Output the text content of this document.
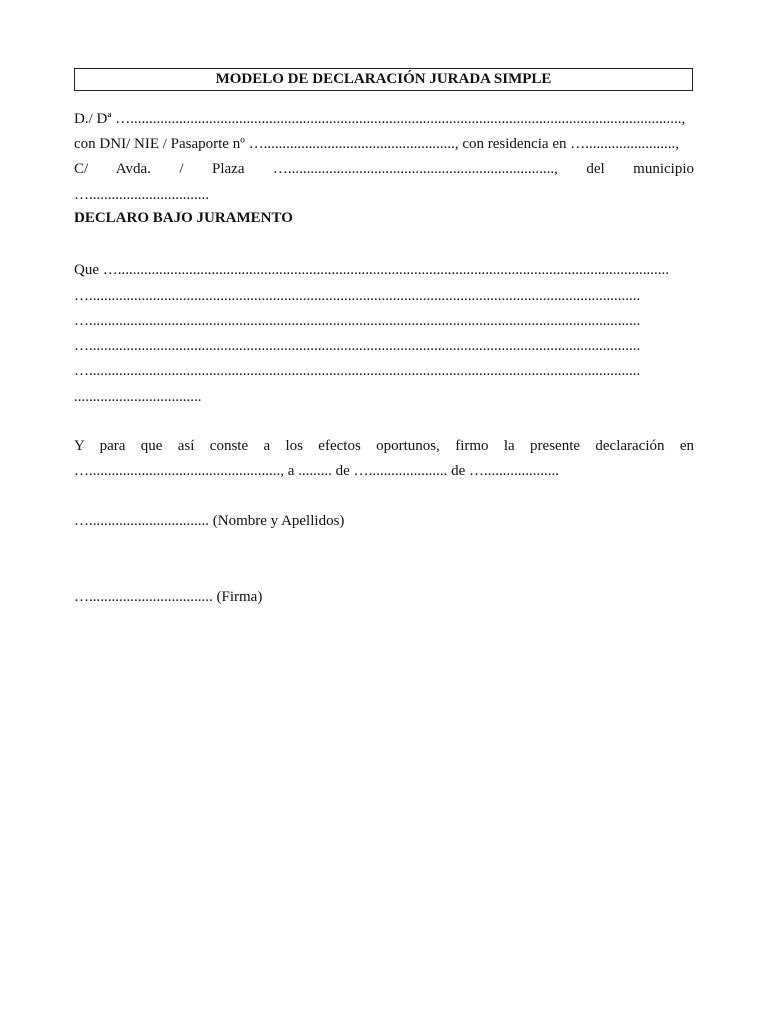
MODELO DE DECLARACIÓN JURADA SIMPLE
D./ Dª …...................................................................................................................................................,
con DNI/ NIE / Pasaporte nº …..................................................., con residencia en …........................,
C/ Avda. / Plaza …......................................................................., del municipio
…................................
DECLARO BAJO JURAMENTO
Que …...................................................................................................................................................
…...................................................................................................................................................
…...................................................................................................................................................
…...................................................................................................................................................
…...................................................................................................................................................
..................................
Y para que así conste a los efectos oportunos, firmo la presente declaración en
…..................................................., a ......... de …..................... de …....................
…................................ (Nombre y Apellidos)
…................................. (Firma)
